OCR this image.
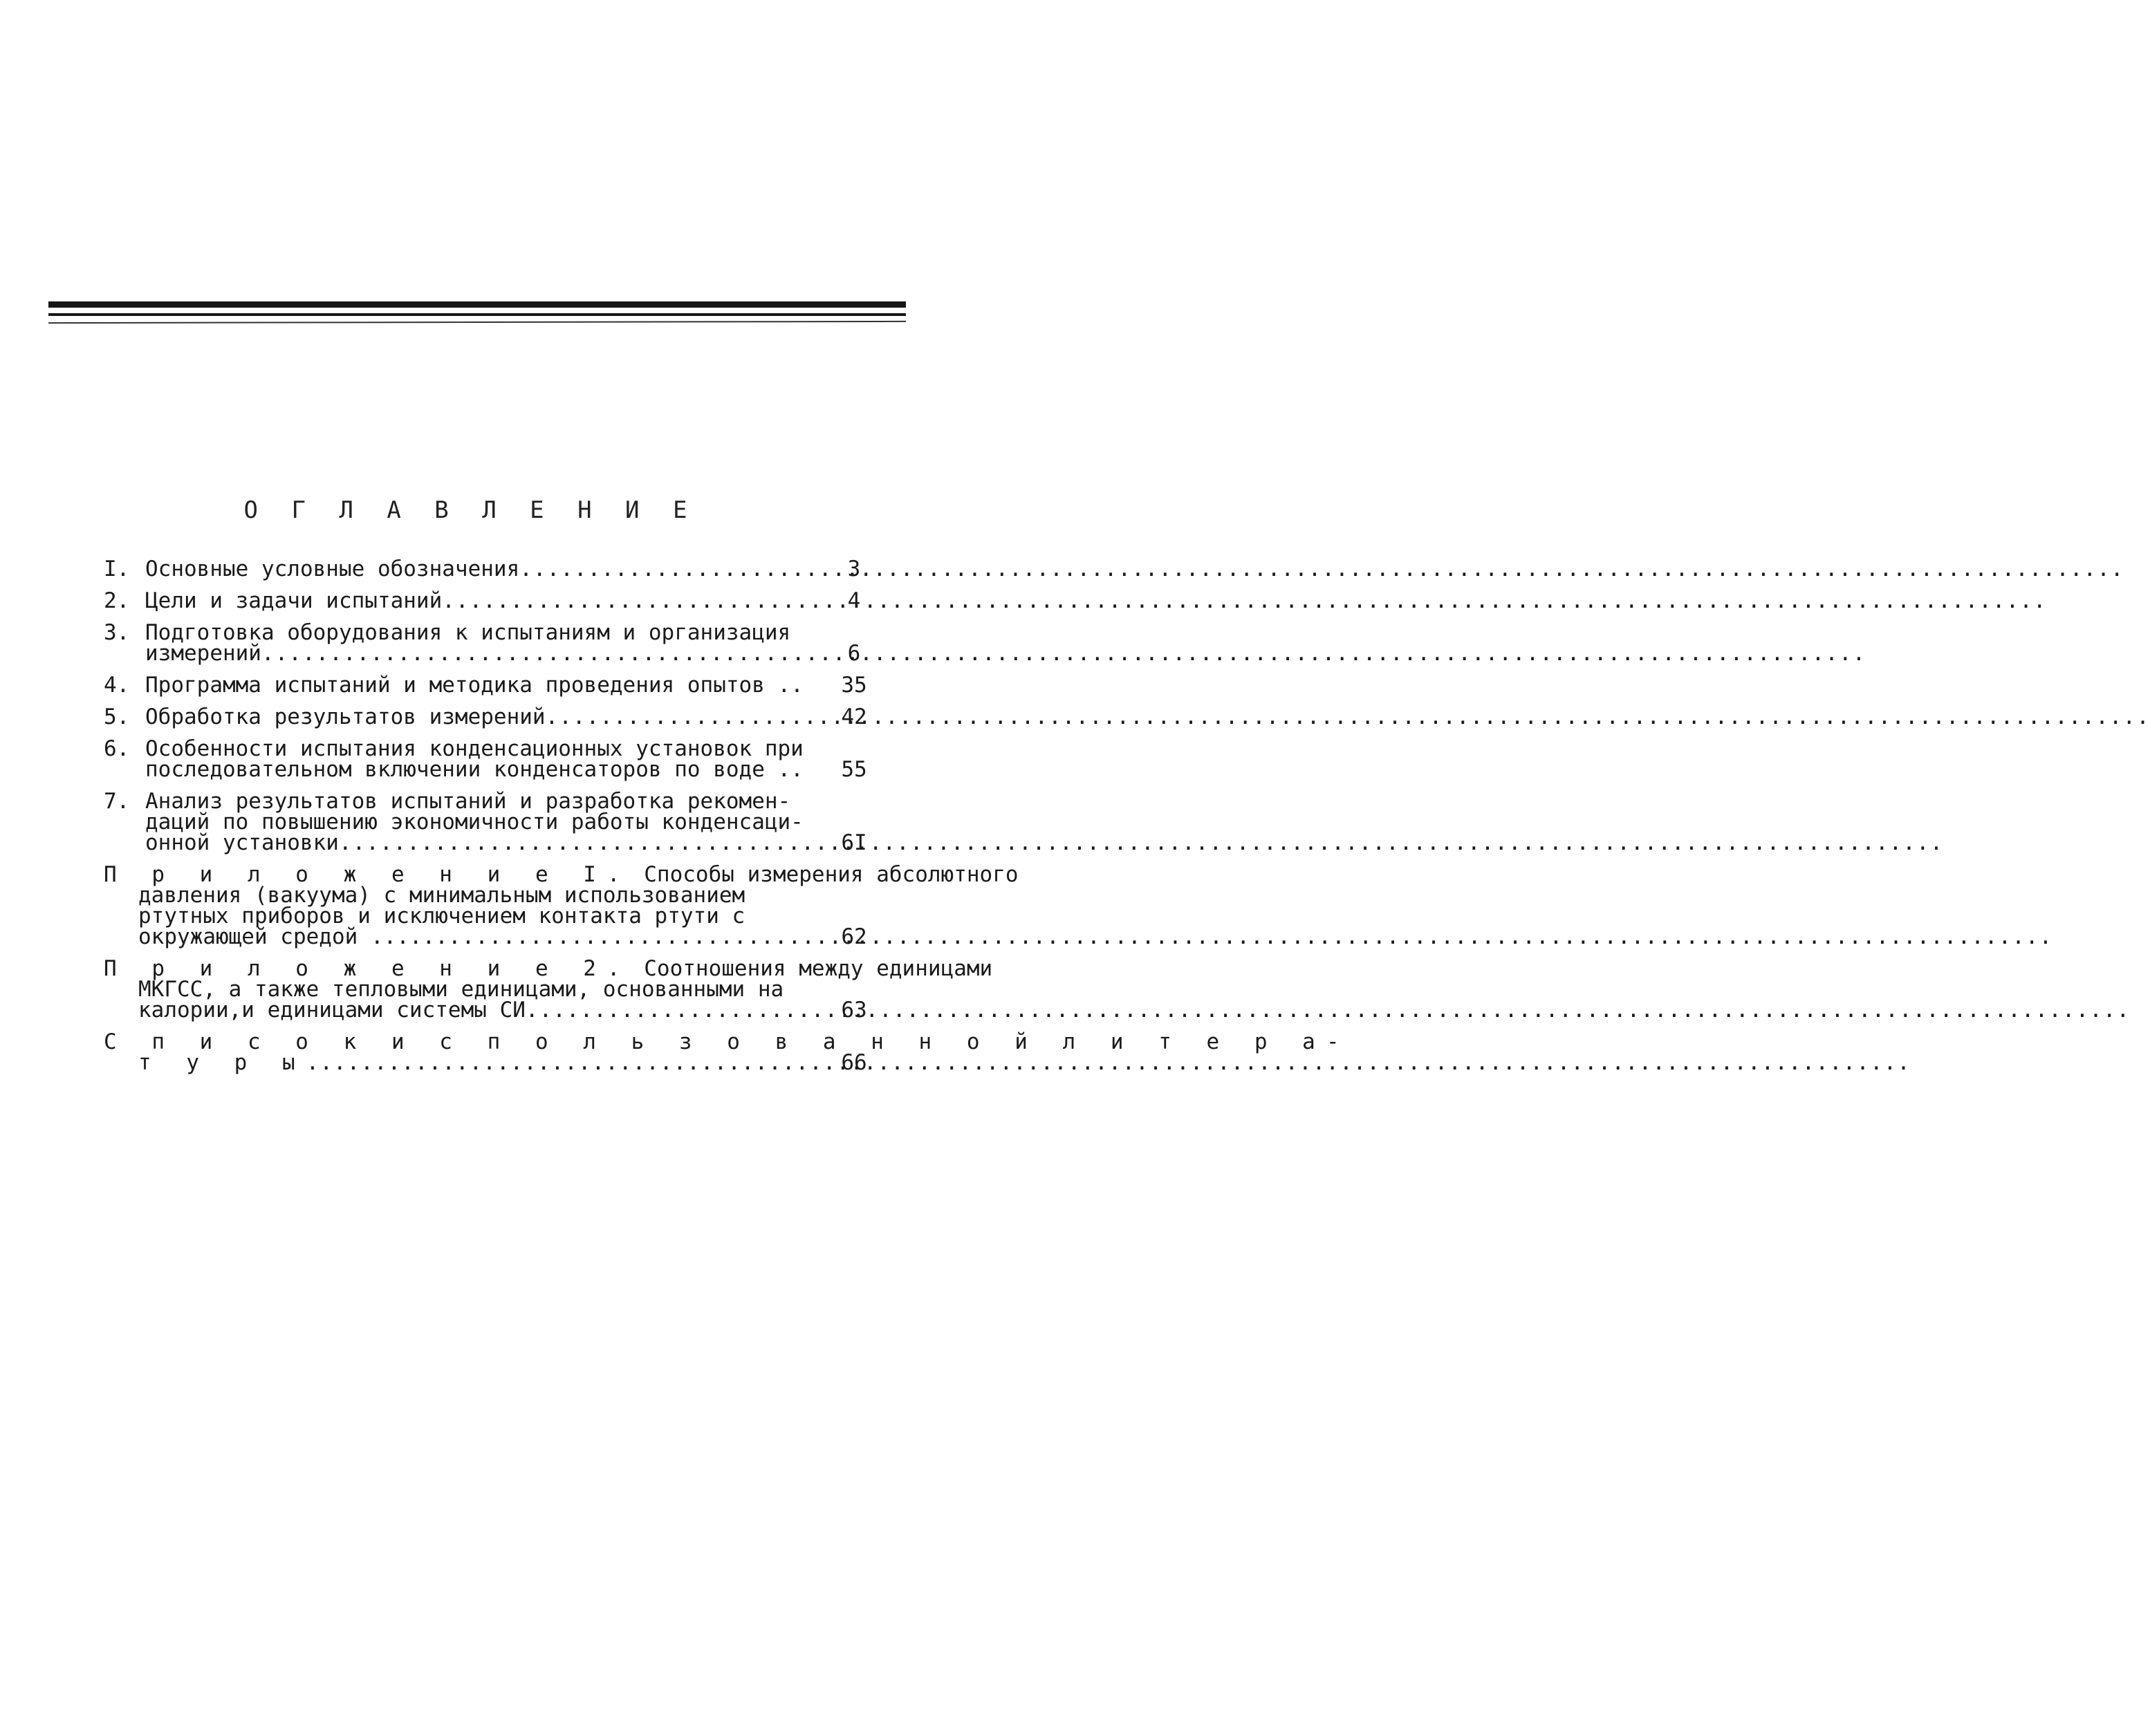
О Г Л А В Л Е Н И Е
I. Основные условные обозначения .....	3
2. Цели и задачи испытаний .....	4
3. Подготовка оборудования к испытаниям и организация
измерений .....	6
4. Программа испытаний и методика проведения опытов ..	35
5. Обработка результатов измерений .....	42
6. Особенности испытания конденсационных установок при
последовательном включении конденсаторов по воде ..	55
7. Анализ результатов испытаний и разработка рекомен-
даций по повышению экономичности работы конденсаци-
онной установки .....	6I
П р и л о ж е н и е I. Способы измерения абсолютного
давления (вакуума) с минимальным использованием
ртутных приборов и исключением контакта ртути с
окружающей средой ...... .....	62
П р и л о ж е н и е 2. Соотношения между единицами
МКГСС, а также тепловыми единицами, основанными на
калории,и единицами системы СИ .....	63
С п и с о к и с п о л ь з о в а н н о й л и т е р а-
т у р ы .....	66
